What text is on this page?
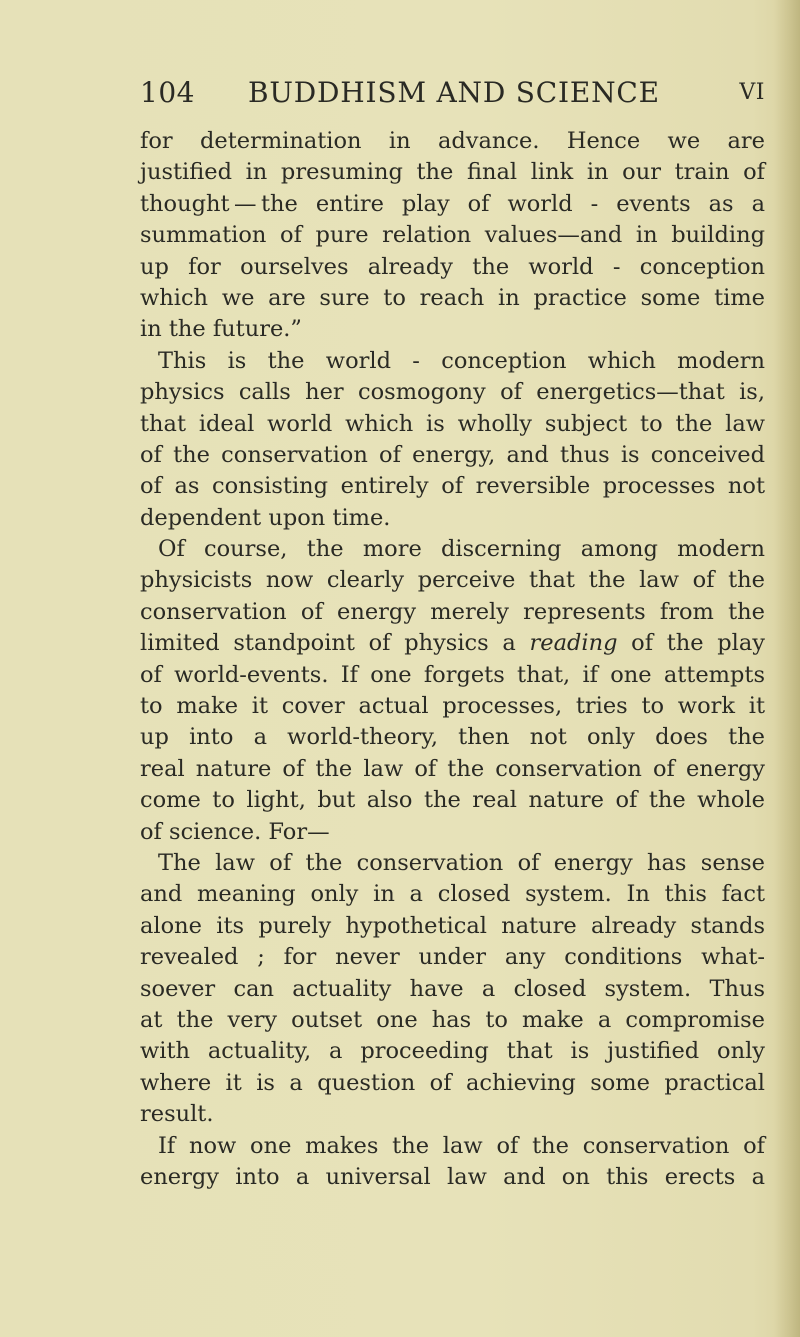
104 BUDDHISM AND SCIENCE	VI
for determination in advance. Hence we are
justified in presuming the final link in our train of
thought — the entire play of world - events as a
summation of pure relation values—and in building
up for ourselves already the world - conception
which we are sure to reach in practice some time
in the future.”
This is the world - conception which modern
physics calls her cosmogony of energetics—that is,
that ideal world which is wholly subject to the law
of the conservation of energy, and thus is conceived
of as consisting entirely of reversible processes not
dependent upon time.
Of course, the more discerning among modern
physicists now clearly perceive that the law of the
conservation of energy merely represents from the
limited standpoint of physics a reading of the play
of world-events. If one forgets that, if one attempts
to make it cover actual processes, tries to work it
up into a world-theory, then not only does the
real nature of the law of the conservation of energy
come to light, but also the real nature of the whole
of science. For—
The law of the conservation of energy has sense
and meaning only in a closed system. In this fact
alone its purely hypothetical nature already stands
revealed ; for never under any conditions what-
soever can actuality have a closed system. Thus
at the very outset one has to make a compromise
with actuality, a proceeding that is justified only
where it is a question of achieving some practical
result.
If now one makes the law of the conservation of
energy into a universal law and on this erects a
